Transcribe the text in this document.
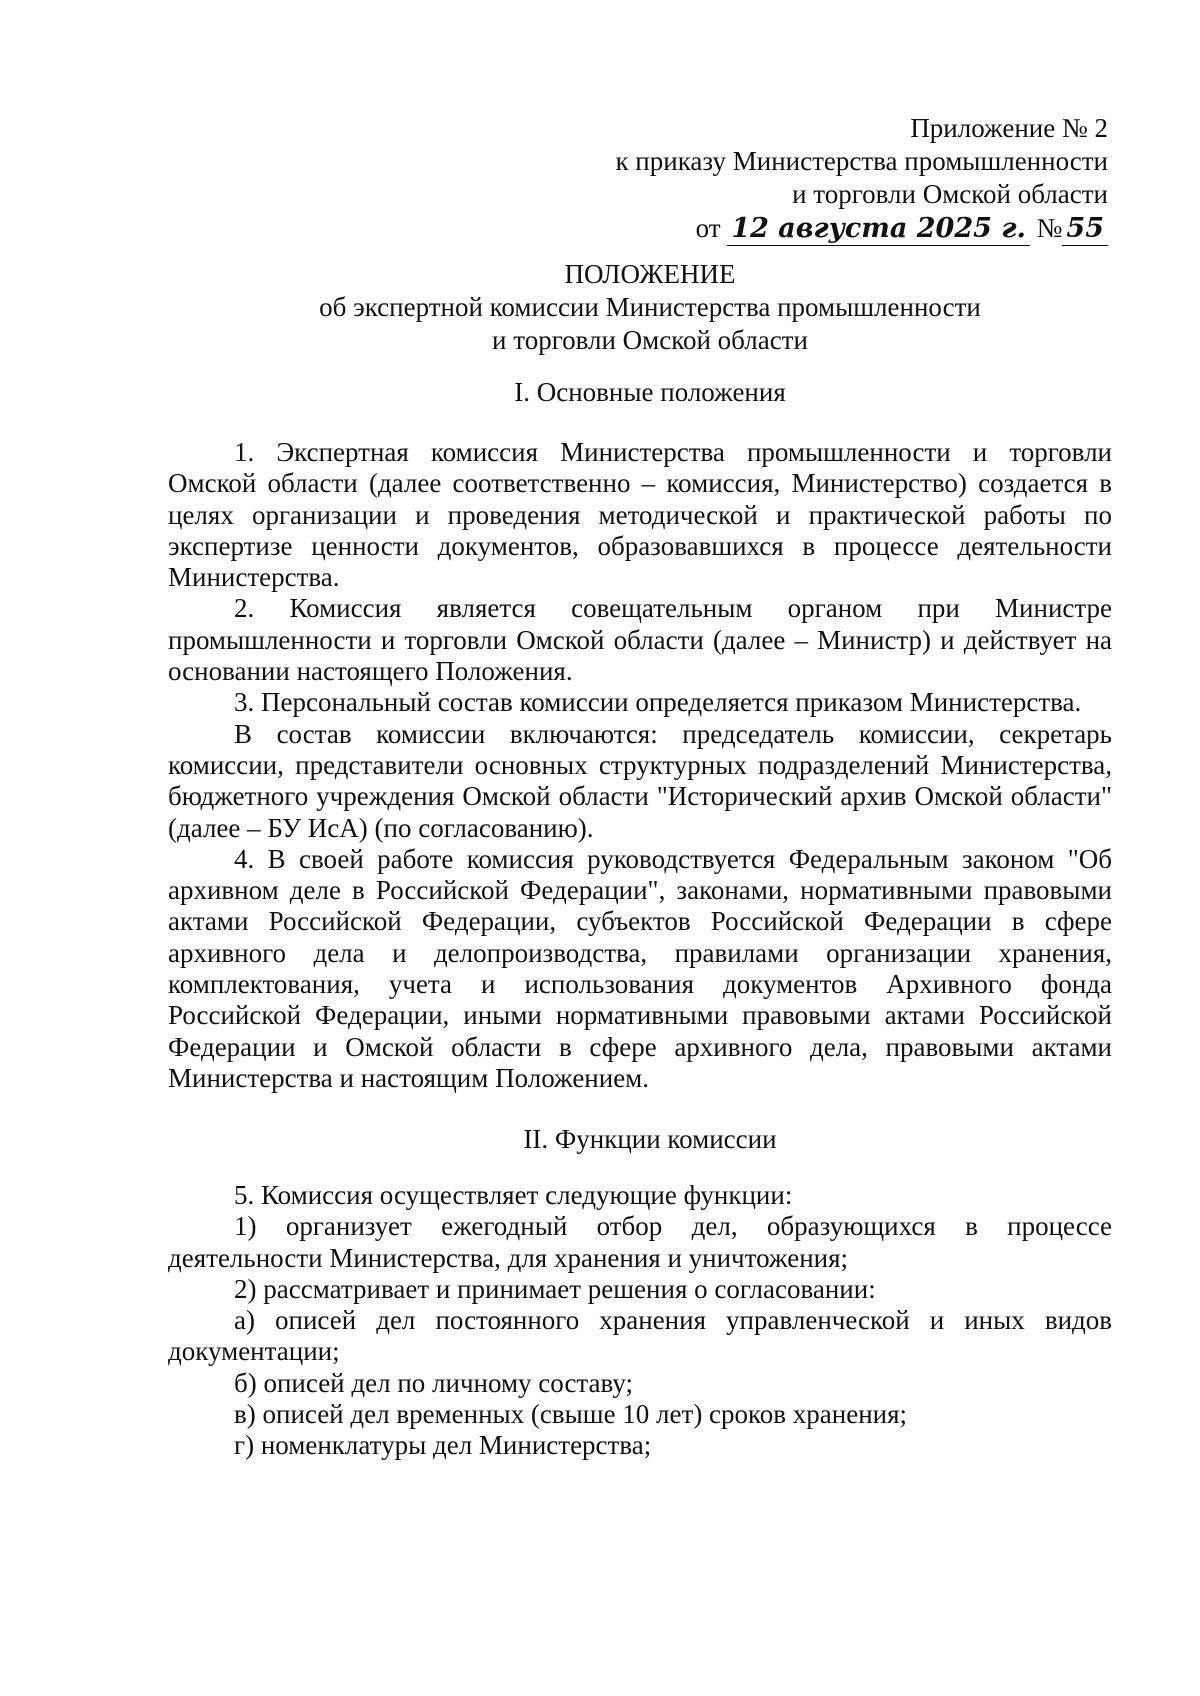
Приложение № 2
к приказу Министерства промышленности
и торговли Омской области
от 12 августа 2025 г. № 55
ПОЛОЖЕНИЕ
об экспертной комиссии Министерства промышленности
и торговли Омской области
I. Основные положения

1. Экспертная комиссия Министерства промышленности и торговли Омской области (далее соответственно – комиссия, Министерство) создается в целях организации и проведения методической и практической работы по экспертизе ценности документов, образовавшихся в процессе деятельности Министерства.

2. Комиссия является совещательным органом при Министре промышленности и торговли Омской области (далее – Министр) и действует на основании настоящего Положения.

3. Персональный состав комиссии определяется приказом Министерства.

В состав комиссии включаются: председатель комиссии, секретарь комиссии, представители основных структурных подразделений Министерства, бюджетного учреждения Омской области "Исторический архив Омской области" (далее – БУ ИсА) (по согласованию).

4. В своей работе комиссия руководствуется Федеральным законом "Об архивном деле в Российской Федерации", законами, нормативными правовыми актами Российской Федерации, субъектов Российской Федерации в сфере архивного дела и делопроизводства, правилами организации хранения, комплектования, учета и использования документов Архивного фонда Российской Федерации, иными нормативными правовыми актами Российской Федерации и Омской области в сфере архивного дела, правовыми актами Министерства и настоящим Положением.

II. Функции комиссии

5. Комиссия осуществляет следующие функции:

1) организует ежегодный отбор дел, образующихся в процессе деятельности Министерства, для хранения и уничтожения;

2) рассматривает и принимает решения о согласовании:

а) описей дел постоянного хранения управленческой и иных видов документации;

б) описей дел по личному составу;

в) описей дел временных (свыше 10 лет) сроков хранения;

г) номенклатуры дел Министерства;
